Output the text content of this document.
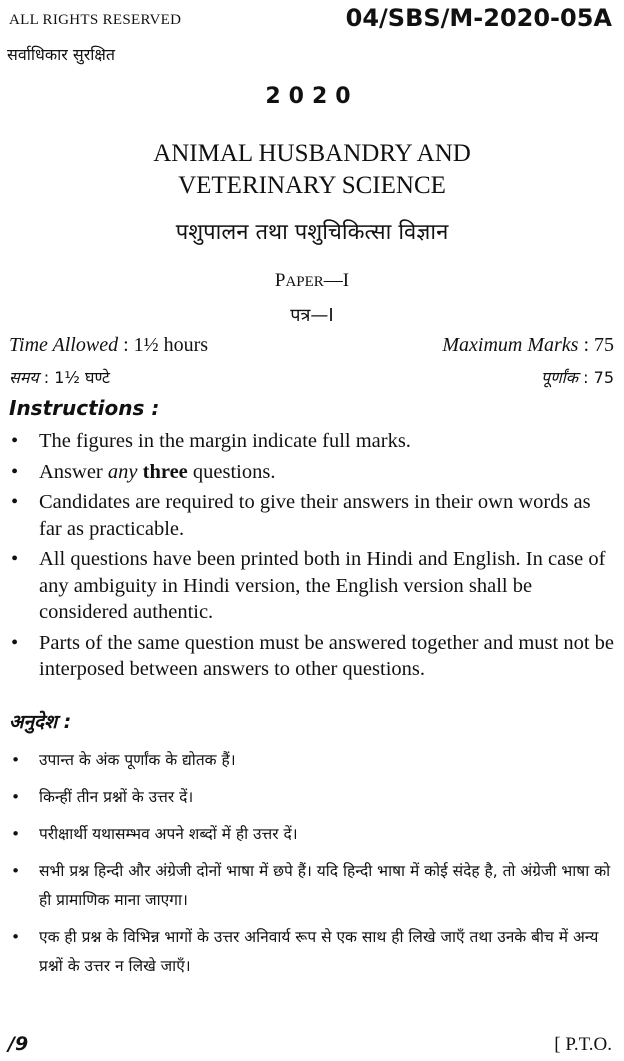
ALL RIGHTS RESERVED	04/SBS/M-2020-05A
सर्वाधिकार सुरक्षित
2020
ANIMAL HUSBANDRY AND
VETERINARY SCIENCE
पशुपालन तथा पशुचिकित्सा विज्ञान
PAPER—I
पत्र—I
Time Allowed : 1½ hours	Maximum Marks : 75
समय : 1½ घण्टे	पूर्णांक : 75
Instructions :
• The figures in the margin indicate full marks.
• Answer any three questions.
• Candidates are required to give their answers in their own words as far as practicable.
• All questions have been printed both in Hindi and English. In case of any ambiguity in Hindi version, the English version shall be considered authentic.
• Parts of the same question must be answered together and must not be interposed between answers to other questions.
अनुदेश :
• उपान्त के अंक पूर्णांक के द्योतक हैं।
• किन्हीं तीन प्रश्नों के उत्तर दें।
• परीक्षार्थी यथासम्भव अपने शब्दों में ही उत्तर दें।
• सभी प्रश्न हिन्दी और अंग्रेजी दोनों भाषा में छपे हैं। यदि हिन्दी भाषा में कोई संदेह है, तो अंग्रेजी भाषा को ही प्रामाणिक माना जाएगा।
• एक ही प्रश्न के विभिन्न भागों के उत्तर अनिवार्य रूप से एक साथ ही लिखे जाएँ तथा उनके बीच में अन्य प्रश्नों के उत्तर न लिखे जाएँ।
/9	[ P.T.O.
